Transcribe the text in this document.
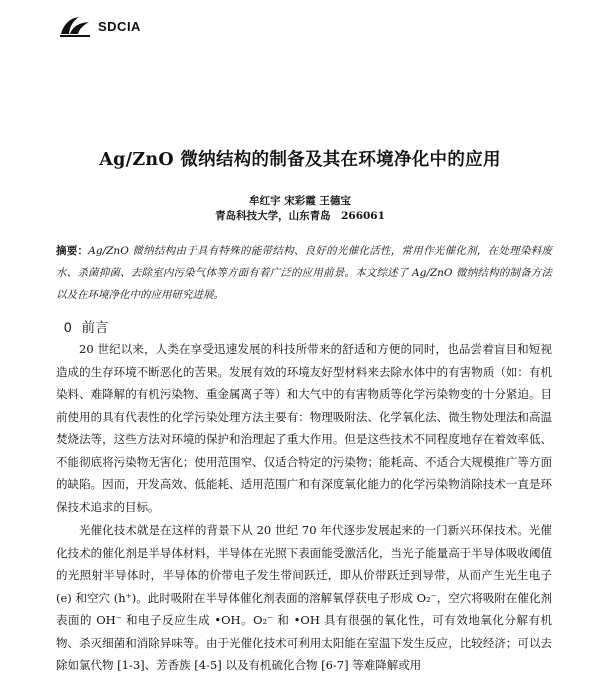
SDCIA
Ag/ZnO 微纳结构的制备及其在环境净化中的应用
牟红宇 宋彩霞 王德宝
青岛科技大学，山东青岛　266061
摘要：Ag/ZnO 微纳结构由于具有特殊的能带结构、良好的光催化活性，常用作光催化剂，在处理染料废水、杀菌抑菌、去除室内污染气体等方面有着广泛的应用前景。本文综述了 Ag/ZnO 微纳结构的制备方法以及在环境净化中的应用研究进展。
0 前言
20 世纪以来，人类在享受迅速发展的科技所带来的舒适和方便的同时，也品尝着盲目和短视造成的生存环境不断恶化的苦果。发展有效的环境友好型材料来去除水体中的有害物质（如：有机染料、难降解的有机污染物、重金属离子等）和大气中的有害物质等化学污染物变的十分紧迫。目前使用的具有代表性的化学污染处理方法主要有：物理吸附法、化学氧化法、微生物处理法和高温焚烧法等，这些方法对环境的保护和治理起了重大作用。但是这些技术不同程度地存在着效率低、不能彻底将污染物无害化；使用范围窄、仅适合特定的污染物；能耗高、不适合大规模推广等方面的缺陷。因而，开发高效、低能耗、适用范围广和有深度氧化能力的化学污染物消除技术一直是环保技术追求的目标。
光催化技术就是在这样的背景下从 20 世纪 70 年代逐步发展起来的一门新兴环保技术。光催化技术的催化剂是半导体材料，半导体在光照下表面能受激活化，当光子能量高于半导体吸收阈值的光照射半导体时，半导体的价带电子发生带间跃迁，即从价带跃迁到导带，从而产生光生电子 (e) 和空穴 (h⁺)。此时吸附在半导体催化剂表面的溶解氧俘获电子形成 O₂⁻，空穴将吸附在催化剂表面的 OH⁻ 和电子反应生成 •OH。O₂⁻ 和 •OH 具有很强的氧化性，可有效地氧化分解有机物、杀灭细菌和消除异味等。由于光催化技术可利用太阳能在室温下发生反应，比较经济；可以去除如氯代物 [1-3]、芳香族 [4-5] 以及有机硫化合物 [6-7] 等难降解或用
